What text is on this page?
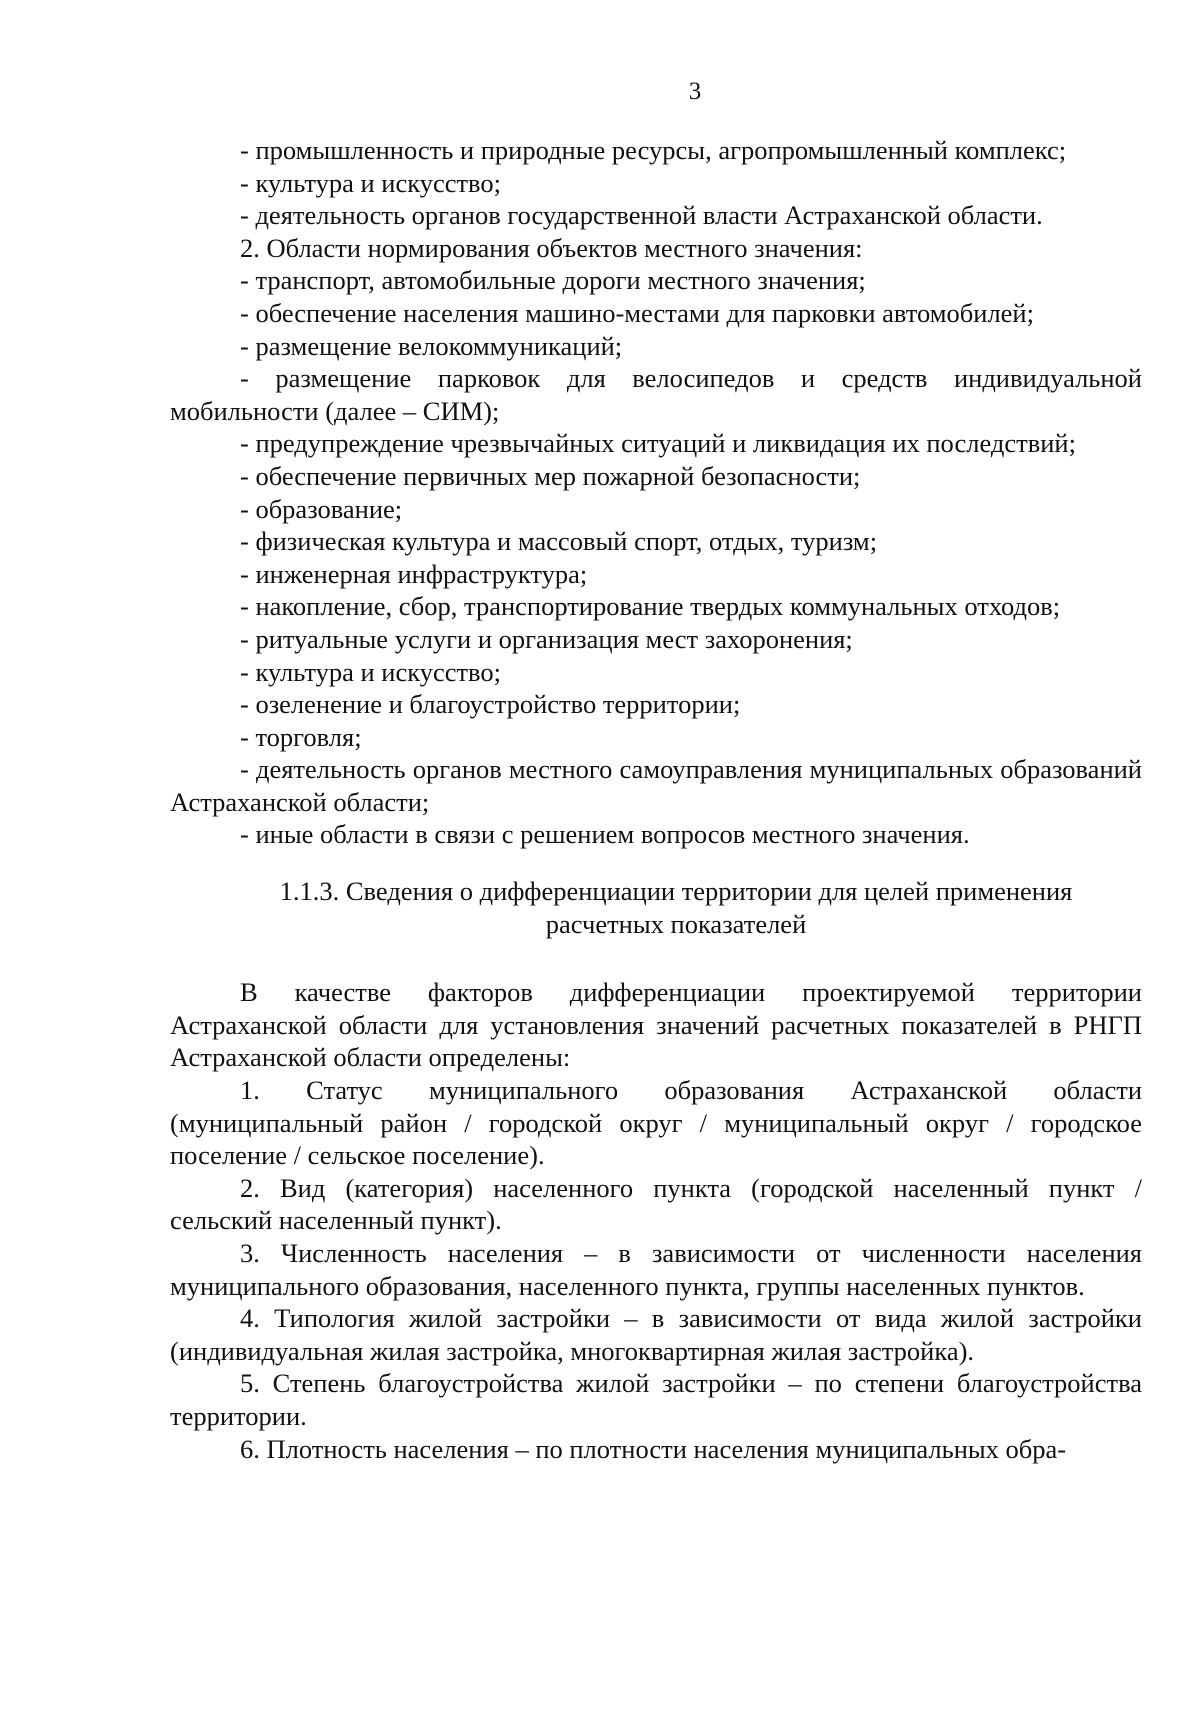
3

- промышленность и природные ресурсы, агропромышленный комплекс;

- культура и искусство;

- деятельность органов государственной власти Астраханской области.

2. Области нормирования объектов местного значения:

- транспорт, автомобильные дороги местного значения;

- обеспечение населения машино-местами для парковки автомобилей;

- размещение велокоммуникаций;

- размещение парковок для велосипедов и средств индивидуальной мобильности (далее – СИМ);

- предупреждение чрезвычайных ситуаций и ликвидация их последствий;

- обеспечение первичных мер пожарной безопасности;

- образование;

- физическая культура и массовый спорт, отдых, туризм;

- инженерная инфраструктура;

- накопление, сбор, транспортирование твердых коммунальных отходов;

- ритуальные услуги и организация мест захоронения;

- культура и искусство;

- озеленение и благоустройство территории;

- торговля;

- деятельность органов местного самоуправления муниципальных образований Астраханской области;

- иные области в связи с решением вопросов местного значения.

1.1.3. Сведения о дифференциации территории для целей применения
расчетных показателей

В качестве факторов дифференциации проектируемой территории Астраханской области для установления значений расчетных показателей в РНГП Астраханской области определены:

1. Статус муниципального образования Астраханской области (муниципальный район / городской округ / муниципальный округ / городское поселение / сельское поселение).

2. Вид (категория) населенного пункта (городской населенный пункт / сельский населенный пункт).

3. Численность населения – в зависимости от численности населения муниципального образования, населенного пункта, группы населенных пунктов.

4. Типология жилой застройки – в зависимости от вида жилой застройки (индивидуальная жилая застройка, многоквартирная жилая застройка).

5. Степень благоустройства жилой застройки – по степени благоустройства территории.

6. Плотность населения – по плотности населения муниципальных обра-
